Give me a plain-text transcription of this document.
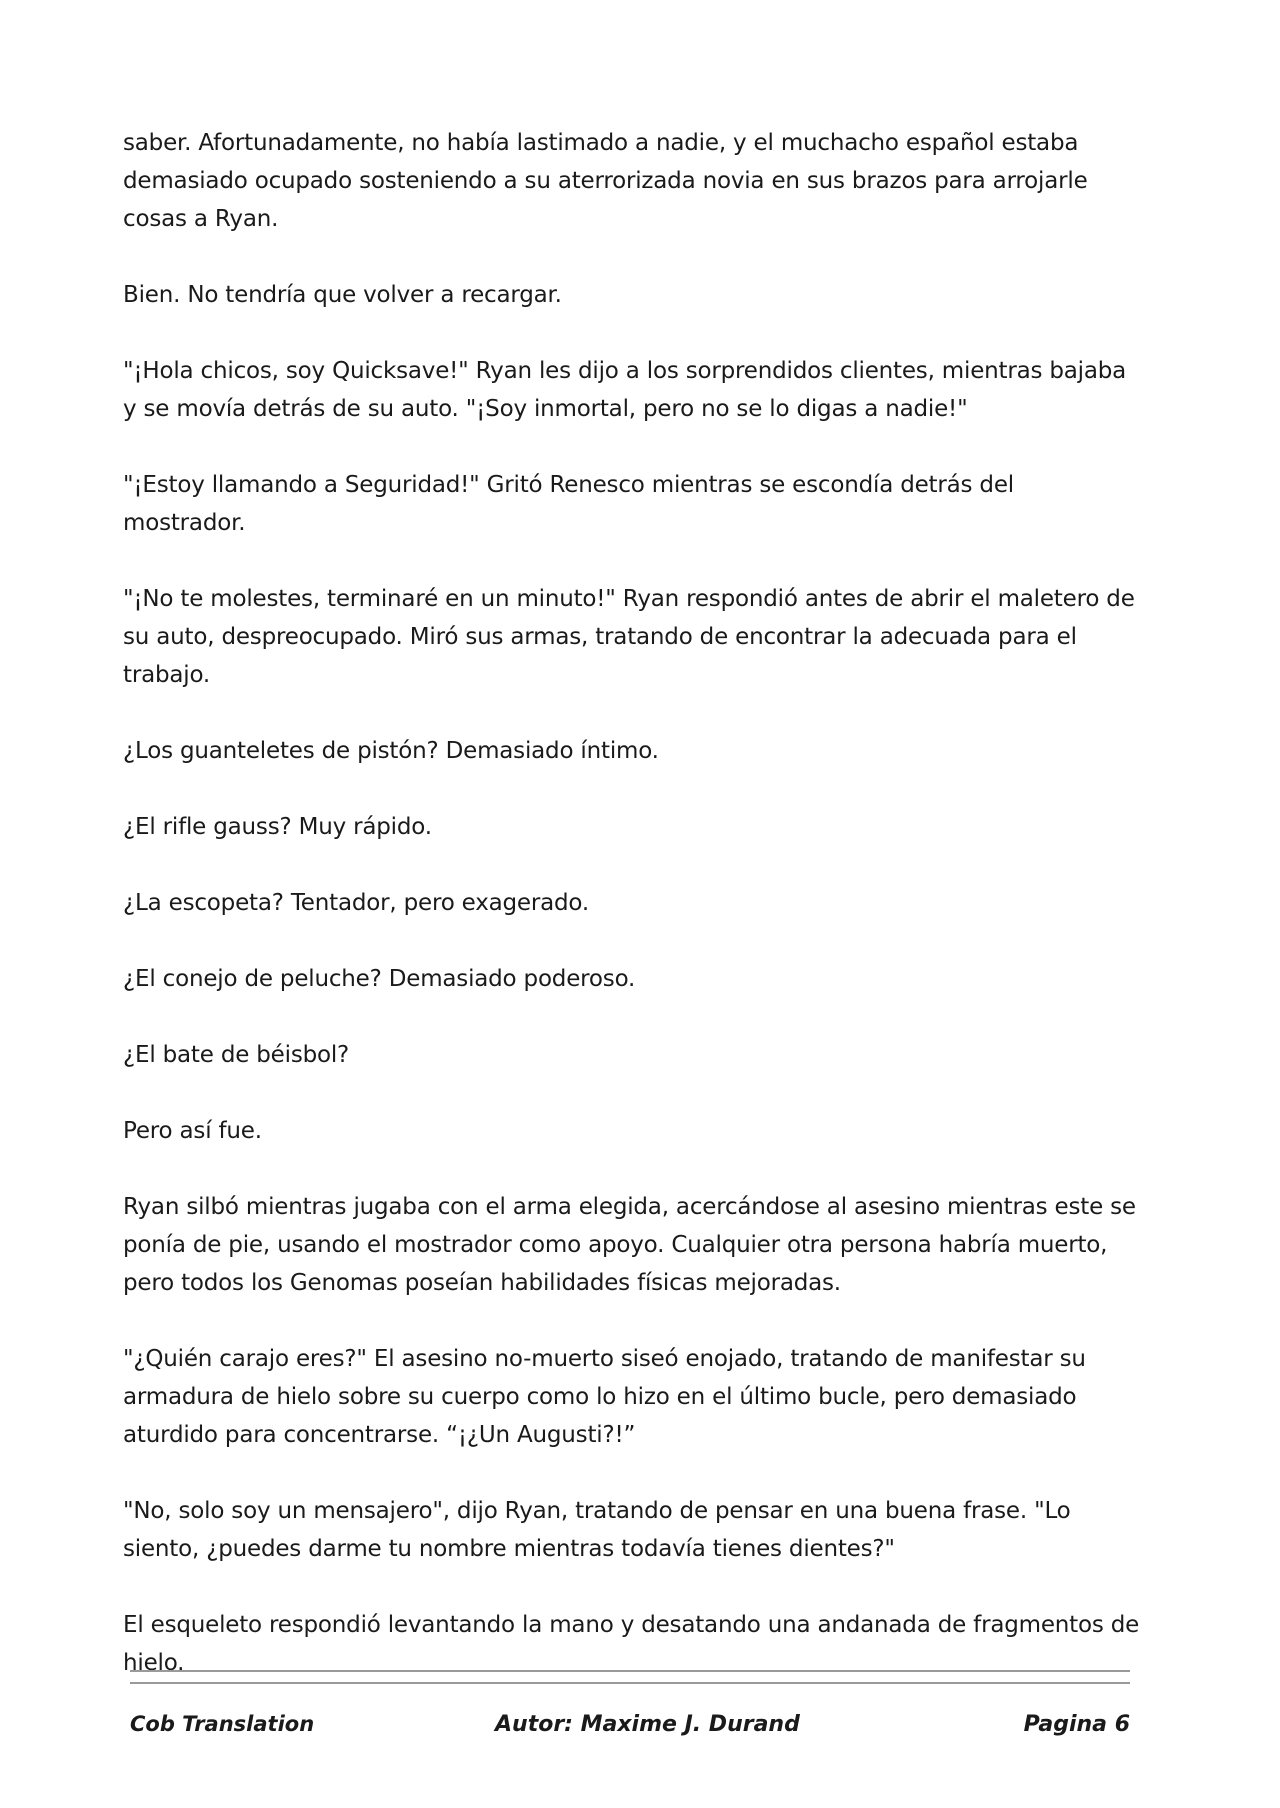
saber. Afortunadamente, no había lastimado a nadie, y el muchacho español estaba demasiado ocupado sosteniendo a su aterrorizada novia en sus brazos para arrojarle cosas a Ryan.

Bien. No tendría que volver a recargar.

"¡Hola chicos, soy Quicksave!" Ryan les dijo a los sorprendidos clientes, mientras bajaba y se movía detrás de su auto. "¡Soy inmortal, pero no se lo digas a nadie!"

"¡Estoy llamando a Seguridad!" Gritó Renesco mientras se escondía detrás del mostrador.

"¡No te molestes, terminaré en un minuto!" Ryan respondió antes de abrir el maletero de su auto, despreocupado. Miró sus armas, tratando de encontrar la adecuada para el trabajo.

¿Los guanteletes de pistón? Demasiado íntimo.

¿El rifle gauss? Muy rápido.

¿La escopeta? Tentador, pero exagerado.

¿El conejo de peluche? Demasiado poderoso.

¿El bate de béisbol?

Pero así fue.

Ryan silbó mientras jugaba con el arma elegida, acercándose al asesino mientras este se ponía de pie, usando el mostrador como apoyo. Cualquier otra persona habría muerto, pero todos los Genomas poseían habilidades físicas mejoradas.

"¿Quién carajo eres?" El asesino no-muerto siseó enojado, tratando de manifestar su armadura de hielo sobre su cuerpo como lo hizo en el último bucle, pero demasiado aturdido para concentrarse. “¡¿Un Augusti?!”

"No, solo soy un mensajero", dijo Ryan, tratando de pensar en una buena frase. "Lo siento, ¿puedes darme tu nombre mientras todavía tienes dientes?"

El esqueleto respondió levantando la mano y desatando una andanada de fragmentos de hielo.

Cob Translation	Autor: Maxime J. Durand	Pagina 6
